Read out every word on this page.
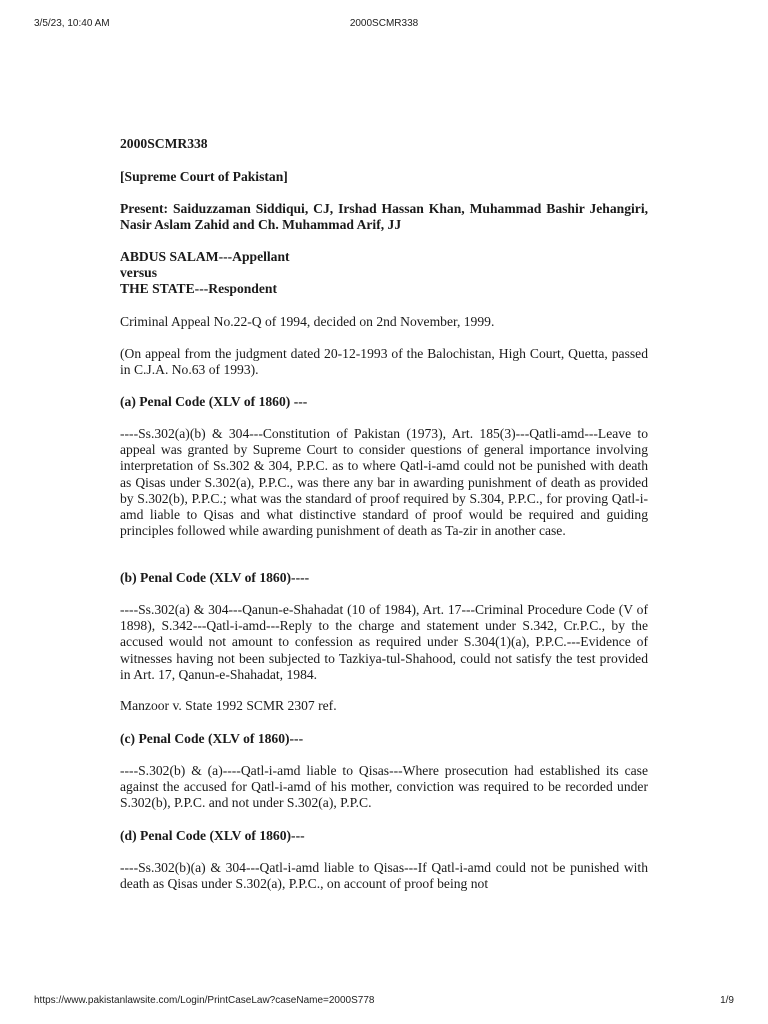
3/5/23, 10:40 AM	2000SCMR338

2000SCMR338

[Supreme Court of Pakistan]

Present: Saiduzzaman Siddiqui, CJ, Irshad Hassan Khan, Muhammad Bashir Jehangiri, Nasir Aslam Zahid and Ch. Muhammad Arif, JJ

ABDUS SALAM---Appellant
versus
THE STATE---Respondent

Criminal Appeal No.22-Q of 1994, decided on 2nd November, 1999.

(On appeal from the judgment dated 20-12-1993 of the Balochistan, High Court, Quetta, passed in C.J.A. No.63 of 1993).

(a) Penal Code (XLV of 1860) ---

----Ss.302(a)(b) & 304---Constitution of Pakistan (1973), Art. 185(3)---Qatli-amd---Leave to appeal was granted by Supreme Court to consider questions of general importance involving interpretation of Ss.302 & 304, P.P.C. as to where Qatl-i-amd could not be punished with death as Qisas under S.302(a), P.P.C., was there any bar in awarding punishment of death as provided by S.302(b), P.P.C.; what was the standard of proof required by S.304, P.P.C., for proving Qatl-i-amd liable to Qisas and what distinctive standard of proof would be required and guiding principles followed while awarding punishment of death as Ta-zir in another case.

(b) Penal Code (XLV of 1860)----

----Ss.302(a) & 304---Qanun-e-Shahadat (10 of 1984), Art. 17---Criminal Procedure Code (V of 1898), S.342---Qatl-i-amd---Reply to the charge and statement under S.342, Cr.P.C., by the accused would not amount to confession as required under S.304(1)(a), P.P.C.---Evidence of witnesses having not been subjected to Tazkiya-tul-Shahood, could not satisfy the test provided in Art. 17, Qanun-e-Shahadat, 1984.

Manzoor v. State 1992 SCMR 2307 ref.

(c) Penal Code (XLV of 1860)---

----S.302(b) & (a)----Qatl-i-amd liable to Qisas---Where prosecution had established its case against the accused for Qatl-i-amd of his mother, conviction was required to be recorded under S.302(b), P.P.C. and not under S.302(a), P.P.C.

(d) Penal Code (XLV of 1860)---

----Ss.302(b)(a) & 304---Qatl-i-amd liable to Qisas---If Qatl-i-amd could not be punished with death as Qisas under S.302(a), P.P.C., on account of proof being not

https://www.pakistanlawsite.com/Login/PrintCaseLaw?caseName=2000S778	1/9
